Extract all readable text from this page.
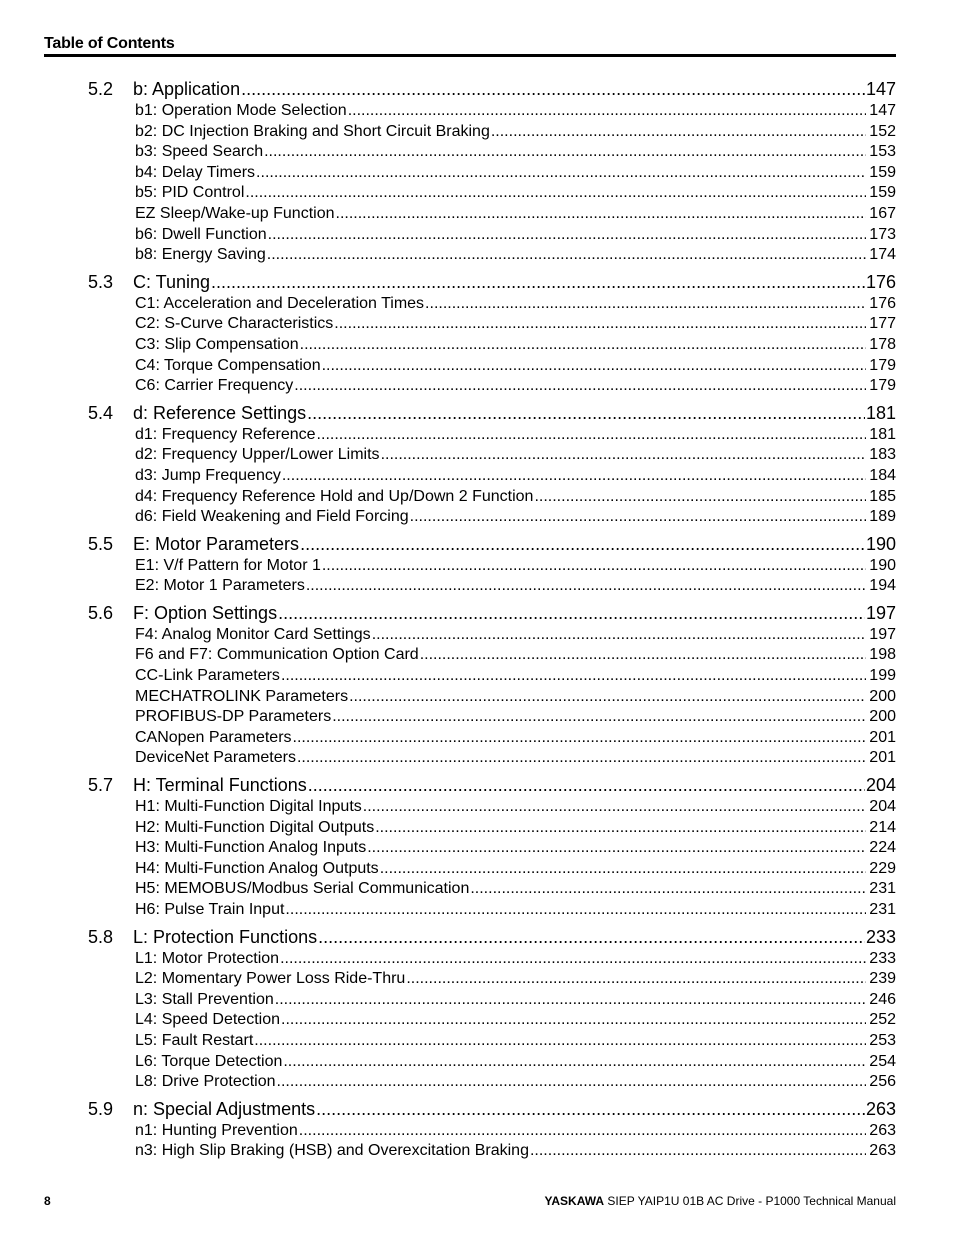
Table of Contents
5.2	b: Application .....	147
b1: Operation Mode Selection .....	147
b2: DC Injection Braking and Short Circuit Braking .....	152
b3: Speed Search .....	153
b4: Delay Timers .....	159
b5: PID Control .....	159
EZ Sleep/Wake-up Function .....	167
b6: Dwell Function .....	173
b8: Energy Saving .....	174
5.3	C: Tuning .....	176
C1: Acceleration and Deceleration Times .....	176
C2: S-Curve Characteristics .....	177
C3: Slip Compensation .....	178
C4: Torque Compensation .....	179
C6: Carrier Frequency .....	179
5.4	d: Reference Settings .....	181
d1: Frequency Reference .....	181
d2: Frequency Upper/Lower Limits .....	183
d3: Jump Frequency .....	184
d4: Frequency Reference Hold and Up/Down 2 Function .....	185
d6: Field Weakening and Field Forcing .....	189
5.5	E: Motor Parameters .....	190
E1: V/f Pattern for Motor 1 .....	190
E2: Motor 1 Parameters .....	194
5.6	F: Option Settings .....	197
F4: Analog Monitor Card Settings .....	197
F6 and F7: Communication Option Card .....	198
CC-Link Parameters .....	199
MECHATROLINK Parameters .....	200
PROFIBUS-DP Parameters .....	200
CANopen Parameters .....	201
DeviceNet Parameters .....	201
5.7	H: Terminal Functions .....	204
H1: Multi-Function Digital Inputs .....	204
H2: Multi-Function Digital Outputs .....	214
H3: Multi-Function Analog Inputs .....	224
H4: Multi-Function Analog Outputs .....	229
H5: MEMOBUS/Modbus Serial Communication .....	231
H6: Pulse Train Input .....	231
5.8	L: Protection Functions .....	233
L1: Motor Protection .....	233
L2: Momentary Power Loss Ride-Thru .....	239
L3: Stall Prevention .....	246
L4: Speed Detection .....	252
L5: Fault Restart .....	253
L6: Torque Detection .....	254
L8: Drive Protection .....	256
5.9	n: Special Adjustments .....	263
n1: Hunting Prevention .....	263
n3: High Slip Braking (HSB) and Overexcitation Braking .....	263
8	YASKAWA SIEP YAIP1U 01B AC Drive - P1000 Technical Manual
